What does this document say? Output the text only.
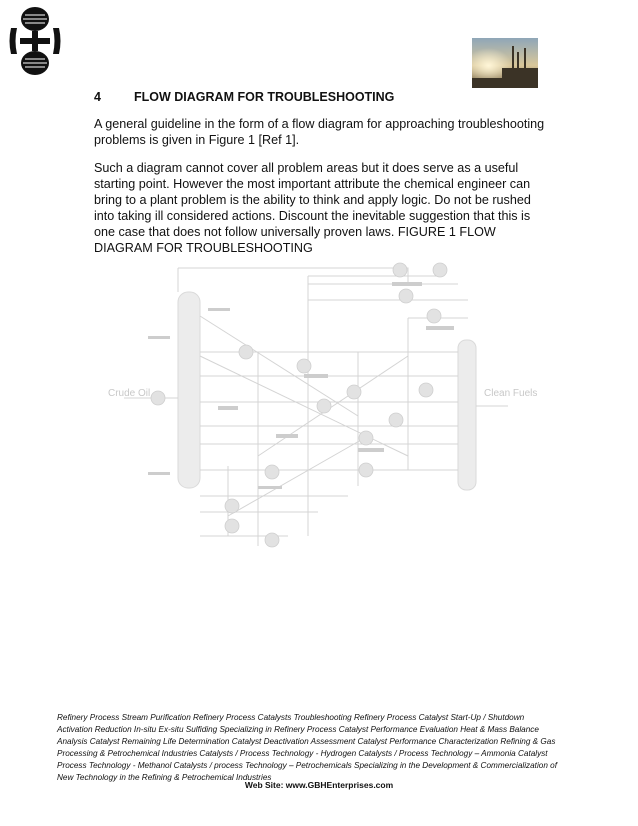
4	FLOW DIAGRAM FOR TROUBLESHOOTING

A general guideline in the form of a flow diagram for approaching troubleshooting problems is given in Figure 1 [Ref 1].

Such a diagram cannot cover all problem areas but it does serve as a useful starting point. However the most important attribute the chemical engineer can bring to a plant problem is the ability to think and apply logic. Do not be rushed into taking ill considered actions. Discount the inevitable suggestion that this is one case that does not follow universally proven laws. FIGURE 1 FLOW DIAGRAM FOR TROUBLESHOOTING

Crude Oil	Clean Fuels

Refinery Process Stream Purification Refinery Process Catalysts Troubleshooting Refinery Process Catalyst Start-Up / Shutdown Activation Reduction In-situ Ex-situ Sulfiding Specializing in Refinery Process Catalyst Performance Evaluation Heat & Mass Balance Analysis Catalyst Remaining Life Determination Catalyst Deactivation Assessment Catalyst Performance Characterization Refining & Gas Processing & Petrochemical Industries Catalysts / Process Technology - Hydrogen Catalysts / Process Technology – Ammonia Catalyst Process Technology - Methanol Catalysts / process Technology – Petrochemicals Specializing in the Development & Commercialization of New Technology in the Refining & Petrochemical Industries

Web Site: www.GBHEnterprises.com
